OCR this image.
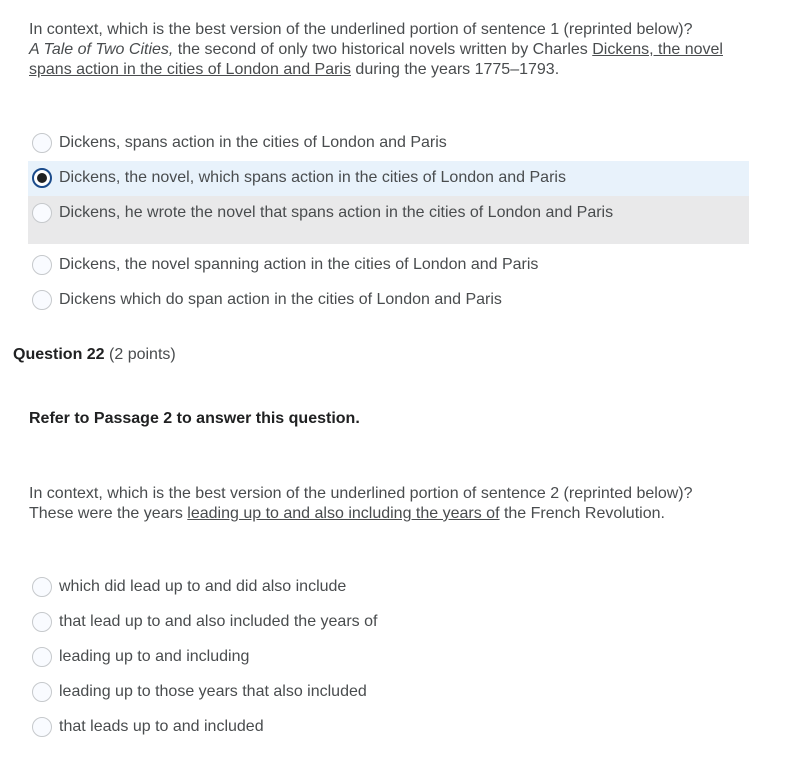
In context, which is the best version of the underlined portion of sentence 1 (reprinted below)?
A Tale of Two Cities, the second of only two historical novels written by Charles Dickens, the novel spans action in the cities of London and Paris during the years 1775–1793.
Dickens, spans action in the cities of London and Paris
Dickens, the novel, which spans action in the cities of London and Paris
Dickens, he wrote the novel that spans action in the cities of London and Paris
Dickens, the novel spanning action in the cities of London and Paris
Dickens which do span action in the cities of London and Paris
Question 22 (2 points)
Refer to Passage 2 to answer this question.
In context, which is the best version of the underlined portion of sentence 2 (reprinted below)?
These were the years leading up to and also including the years of the French Revolution.
which did lead up to and did also include
that lead up to and also included the years of
leading up to and including
leading up to those years that also included
that leads up to and included
